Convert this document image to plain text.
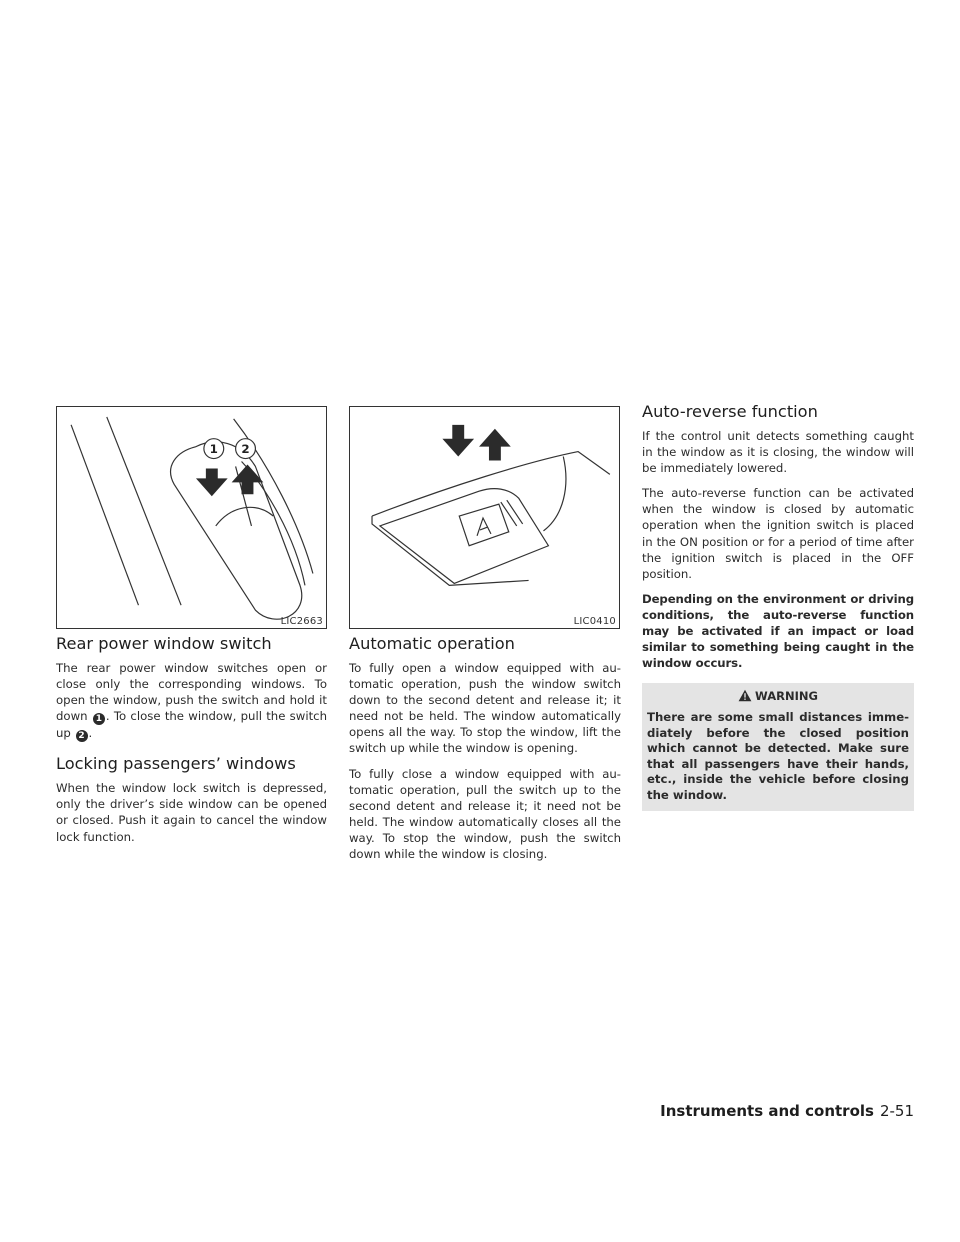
1 2
LIC2663	LIC0410
Rear power window switch

The rear power window switches open or close only the corresponding windows. To open the window, push the switch and hold it down 1 . To close the window, pull the switch up 2 .

Locking passengers’ windows

When the window lock switch is depressed, only the driver’s side window can be opened or closed. Push it again to cancel the window lock function.

Automatic operation

To fully open a window equipped with automatic operation, push the window switch down to the second detent and release it; it need not be held. The window automatically opens all the way. To stop the window, lift the switch up while the window is opening.

To fully close a window equipped with automatic operation, pull the switch up to the second detent and release it; it need not be held. The window automatically closes all the way. To stop the window, push the switch down while the window is closing.

Auto-reverse function

If the control unit detects something caught in the window as it is closing, the window will be immediately lowered.

The auto-reverse function can be activated when the window is closed by automatic operation when the ignition switch is placed in the ON position or for a period of time after the ignition switch is placed in the OFF position.

Depending on the environment or driving conditions, the auto-reverse function may be activated if an impact or load similar to something being caught in the window occurs.

WARNING

There are some small distances immediately before the closed position which cannot be detected. Make sure that all passengers have their hands, etc., inside the vehicle before closing the window.

Instruments and controls 2-51
